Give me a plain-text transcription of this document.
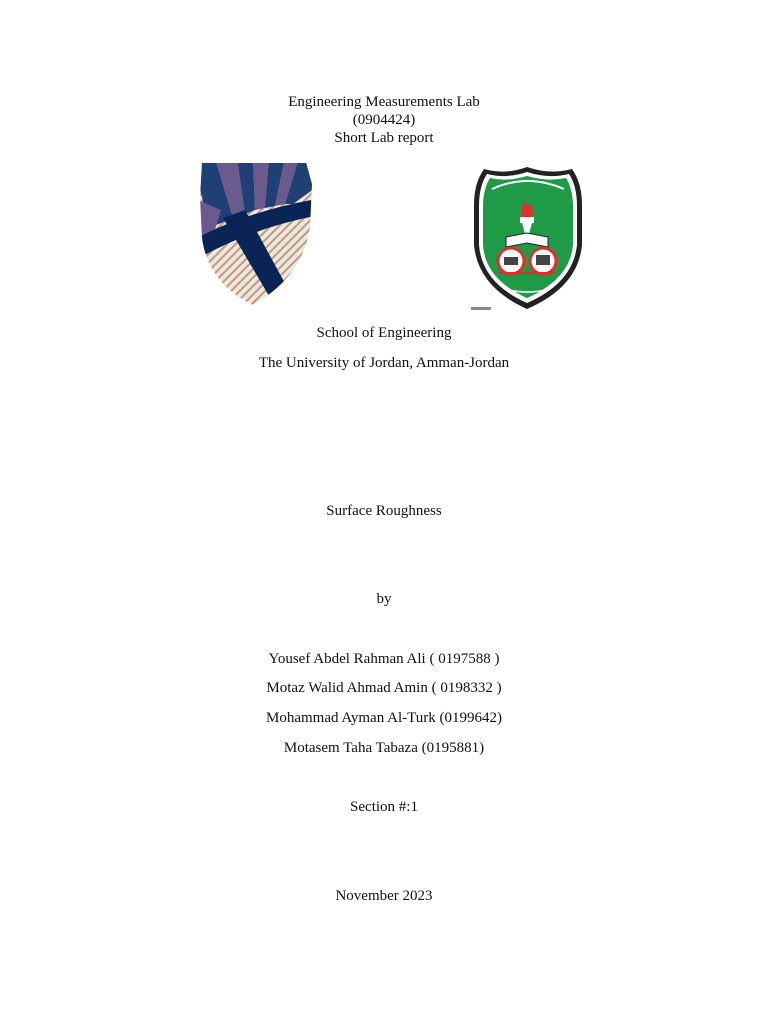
Engineering Measurements Lab
(0904424)
Short Lab report
School of Engineering
The University of Jordan, Amman-Jordan
Surface Roughness
by
Yousef Abdel Rahman Ali ( 0197588 )
Motaz Walid Ahmad Amin ( 0198332 )
Mohammad Ayman Al-Turk (0199642)
Motasem Taha Tabaza (0195881)
Section #:1
November 2023
